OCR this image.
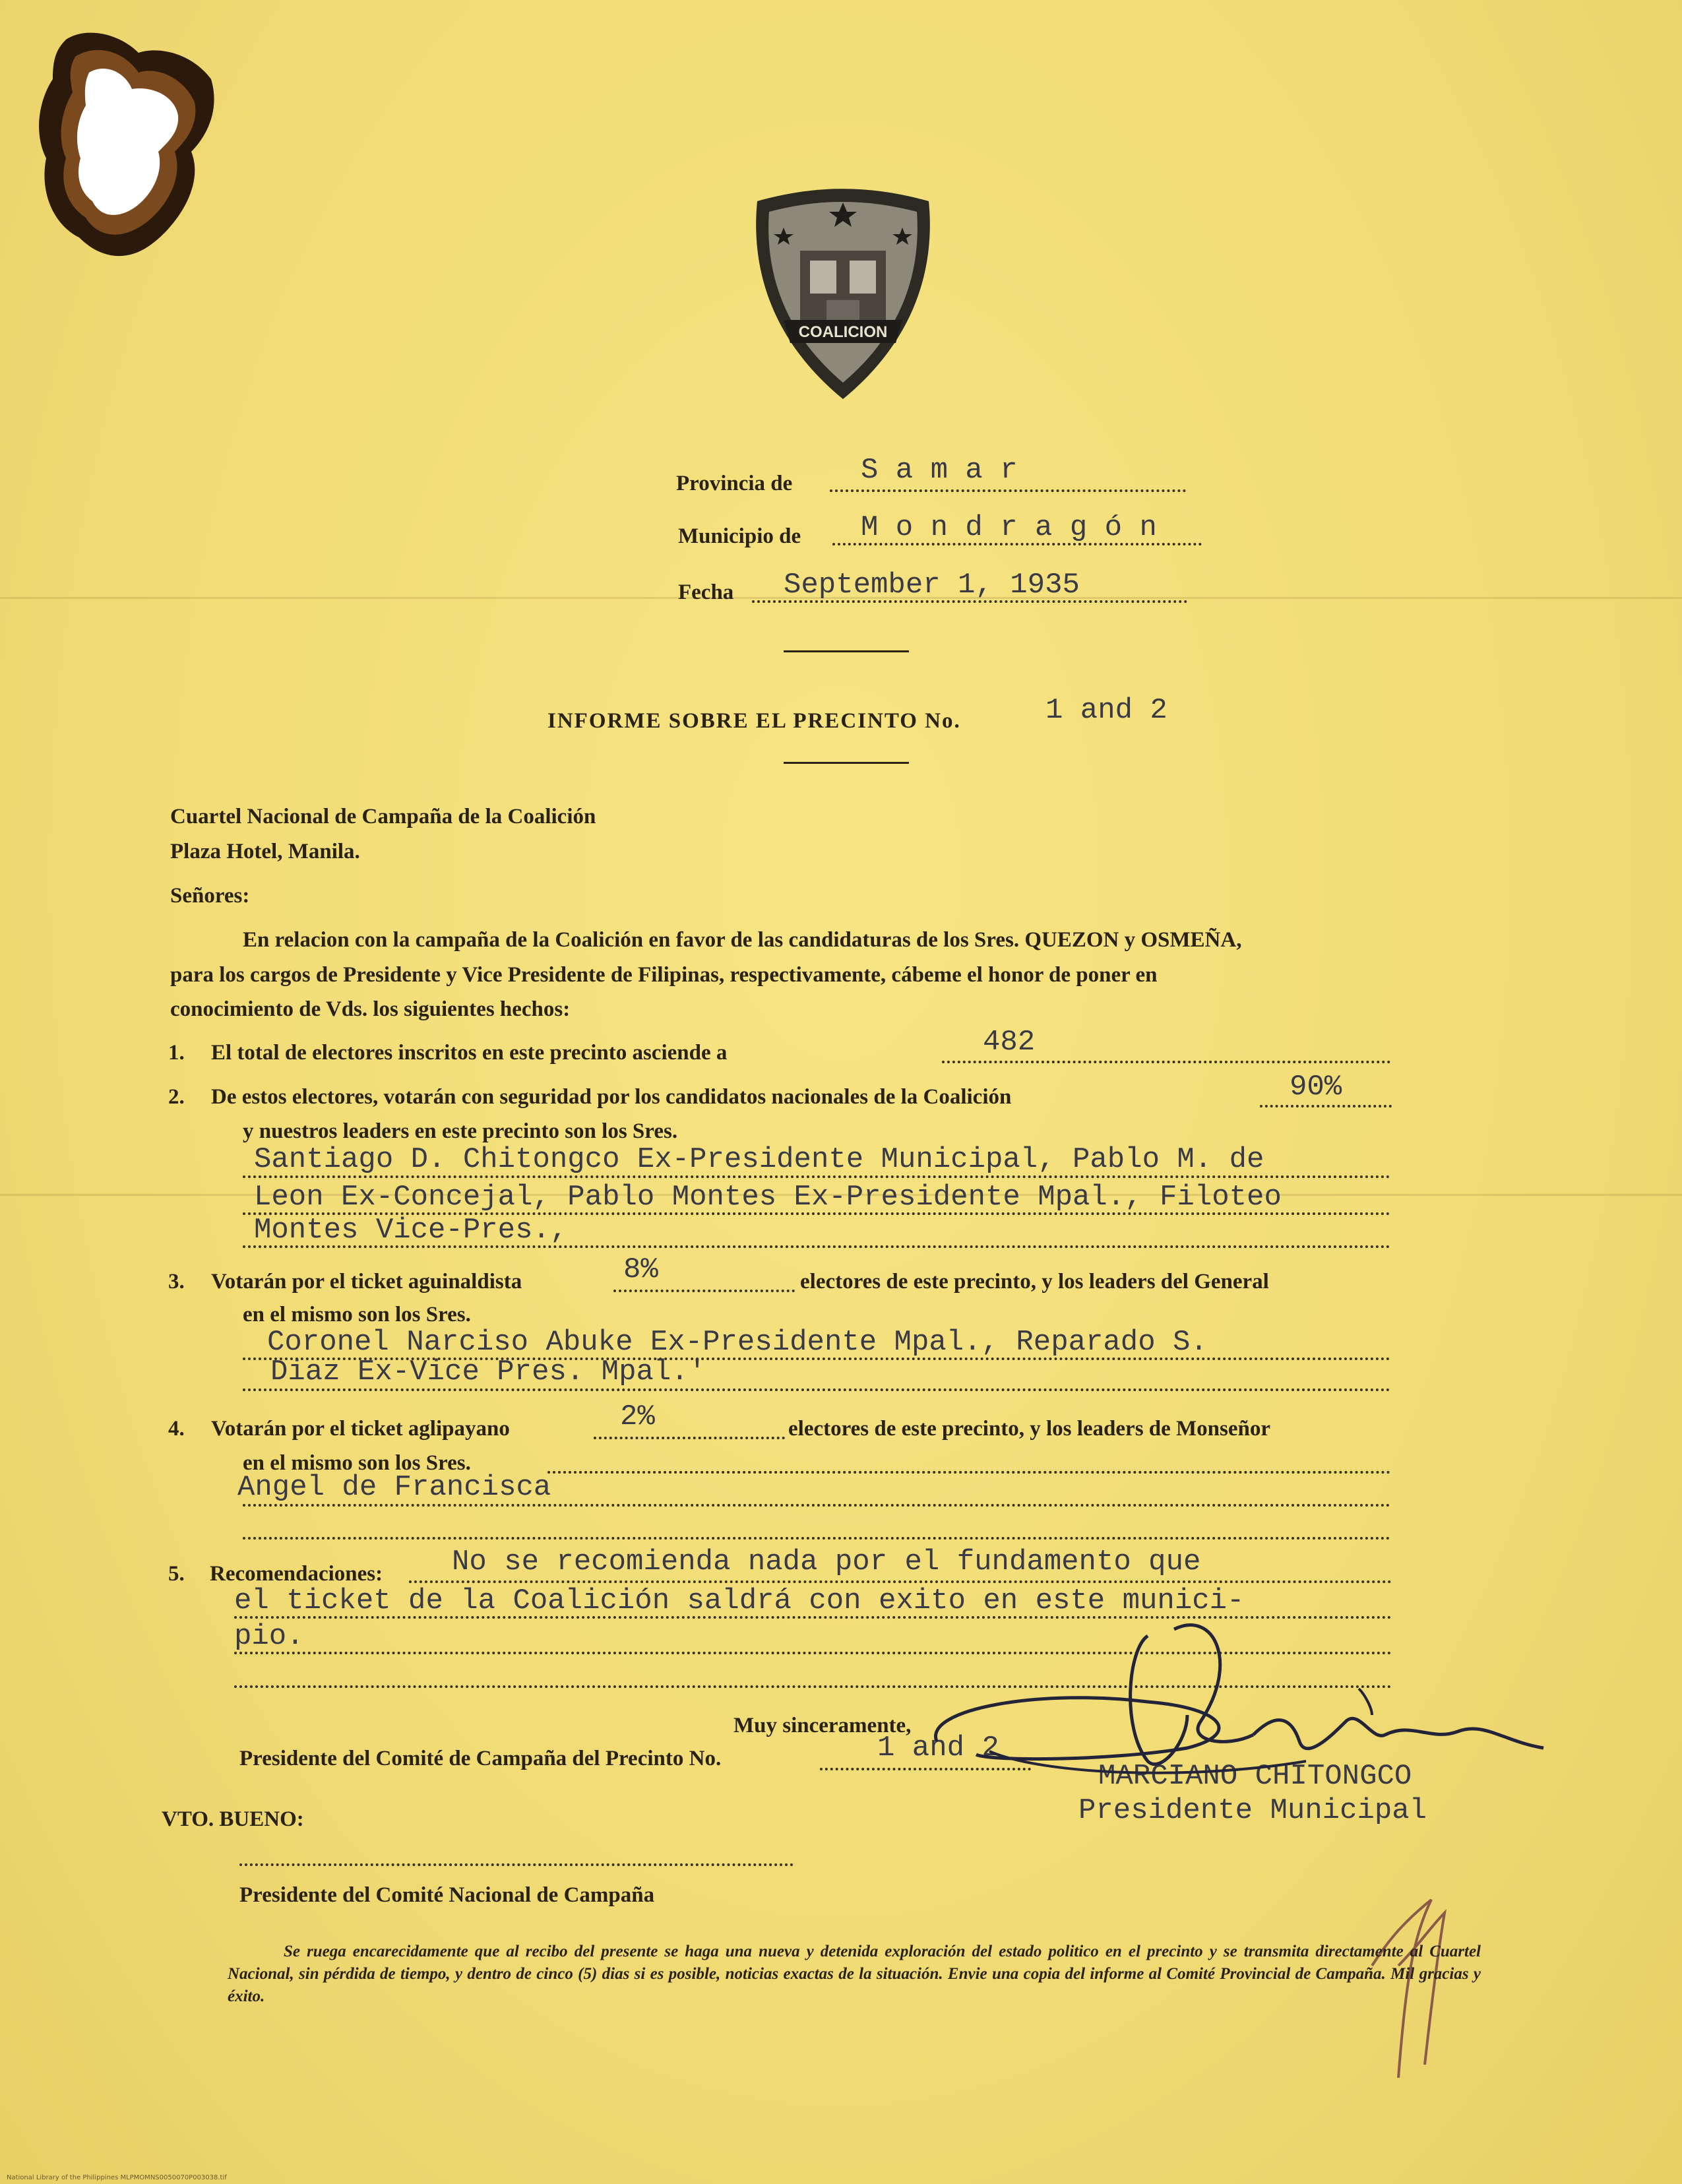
COALICION
Provincia de S a m a r
Municipio de M o n d r a g ó n
Fecha September 1, 1935
INFORME SOBRE EL PRECINTO No.	1 and 2
Cuartel Nacional de Campaña de la Coalición
Plaza Hotel, Manila.
Señores:
En relacion con la campaña de la Coalición en favor de las candidaturas de los Sres. QUEZON y OSMEÑA,
para los cargos de Presidente y Vice Presidente de Filipinas, respectivamente, cábeme el honor de poner en
conocimiento de Vds. los siguientes hechos:
1. El total de electores inscritos en este precinto asciende a	482
2. De estos electores, votarán con seguridad por los candidatos nacionales de la Coalición	90%
y nuestros leaders en este precinto son los Sres.
Santiago D. Chitongco Ex-Presidente Municipal, Pablo M. de
Leon Ex-Concejal, Pablo Montes Ex-Presidente Mpal., Filoteo
Montes Vice-Pres.,
3. Votarán por el ticket aguinaldista	8%	electores de este precinto, y los leaders del General
en el mismo son los Sres.
Coronel Narciso Abuke Ex-Presidente Mpal., Reparado S.
Diaz Ex-Vice Pres. Mpal.'
4. Votarán por el ticket aglipayano	2%	electores de este precinto, y los leaders de Monseñor
en el mismo son los Sres.
Angel de Francisca
5. Recomendaciones: No se recomienda nada por el fundamento que
el ticket de la Coalición saldrá con exito en este munici-
pio.
Muy sinceramente,
Presidente del Comité de Campaña del Precinto No.	1 and 2
MARCIANO CHITONGCO
Presidente Municipal
VTO. BUENO:
Presidente del Comité Nacional de Campaña
Se ruega encarecidamente que al recibo del presente se haga una nueva y detenida exploración del estado politico en el precinto y se transmita directamente al Cuartel Nacional, sin pérdida de tiempo, y dentro de cinco (5) dias si es posible, noticias exactas de la situación. Envie una copia del informe al Comité Provincial de Campaña. Mil gracias y éxito.
National Library of the Philippines MLPMOMNS0050070P003038.tif
